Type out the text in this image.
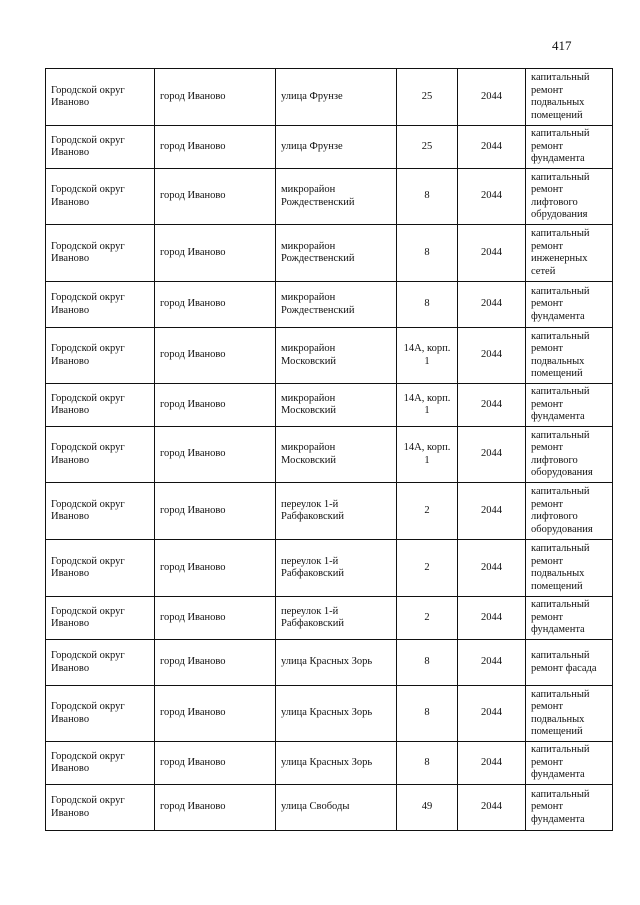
417
Городской округ Иваново	город Иваново	улица Фрунзе	25	2044	капитальный ремонт подвальных помещений
Городской округ Иваново	город Иваново	улица Фрунзе	25	2044	капитальный ремонт фундамента
Городской округ Иваново	город Иваново	микрорайон Рождественский	8	2044	капитальный ремонт лифтового обрудования
Городской округ Иваново	город Иваново	микрорайон Рождественский	8	2044	капитальный ремонт инженерных сетей
Городской округ Иваново	город Иваново	микрорайон Рождественский	8	2044	капитальный ремонт фундамента
Городской округ Иваново	город Иваново	микрорайон Московский	14А, корп. 1	2044	капитальный ремонт подвальных помещений
Городской округ Иваново	город Иваново	микрорайон Московский	14А, корп. 1	2044	капитальный ремонт фундамента
Городской округ Иваново	город Иваново	микрорайон Московский	14А, корп. 1	2044	капитальный ремонт лифтового оборудования
Городской округ Иваново	город Иваново	переулок 1-й Рабфаковский	2	2044	капитальный ремонт лифтового оборудования
Городской округ Иваново	город Иваново	переулок 1-й Рабфаковский	2	2044	капитальный ремонт подвальных помещений
Городской округ Иваново	город Иваново	переулок 1-й Рабфаковский	2	2044	капитальный ремонт фундамента
Городской округ Иваново	город Иваново	улица Красных Зорь	8	2044	капитальный ремонт фасада
Городской округ Иваново	город Иваново	улица Красных Зорь	8	2044	капитальный ремонт подвальных помещений
Городской округ Иваново	город Иваново	улица Красных Зорь	8	2044	капитальный ремонт фундамента
Городской округ Иваново	город Иваново	улица Свободы	49	2044	капитальный ремонт фундамента
